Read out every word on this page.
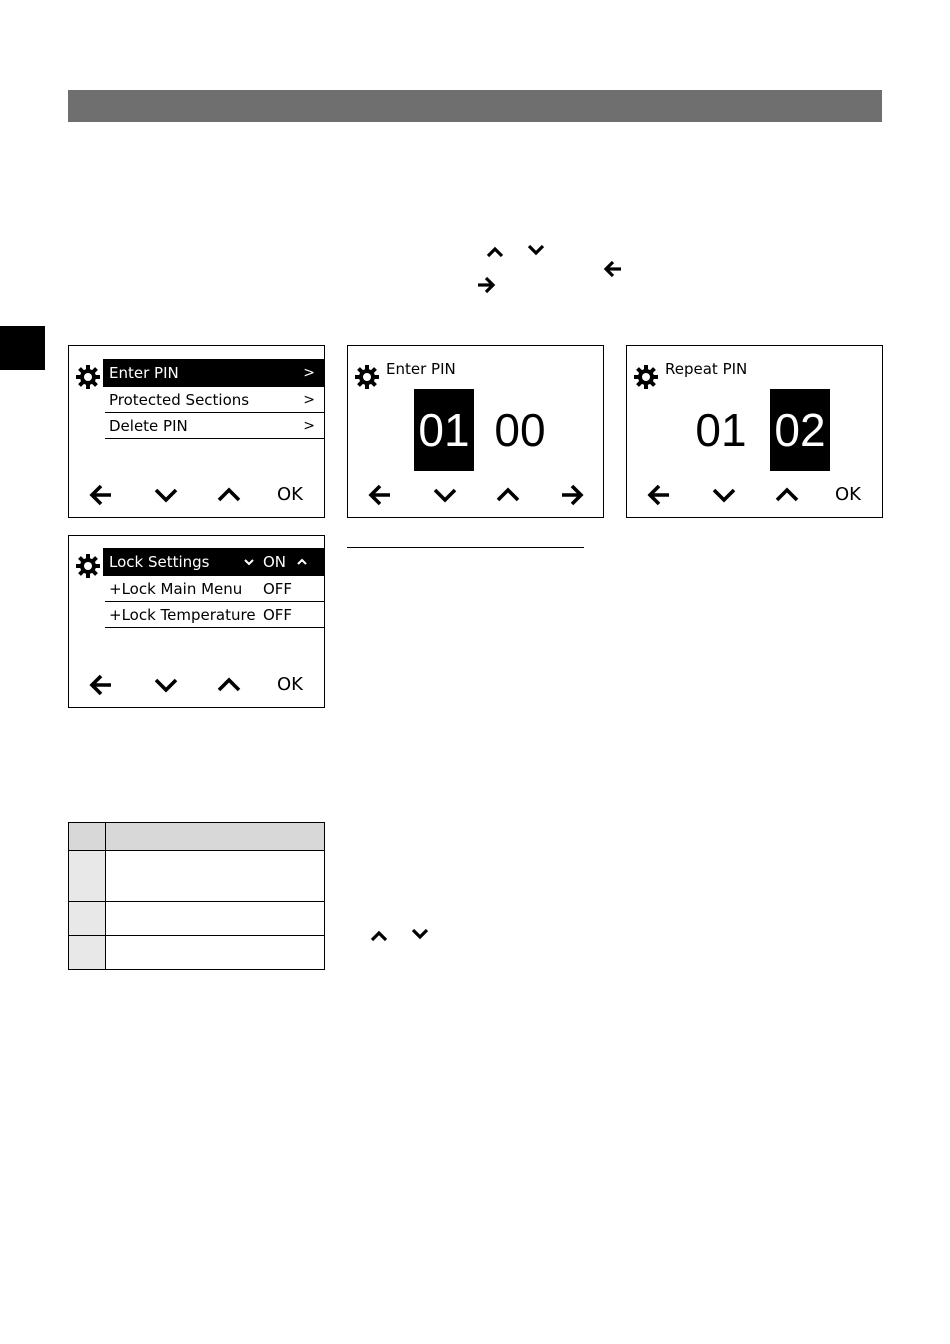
Enter PIN	>
Protected Sections	>
Delete PIN	>
OK
Enter PIN
01 00
Repeat PIN
01 02
OK
Lock Settings	ON
+Lock Main Menu OFF
+Lock Temperature OFF
OK
